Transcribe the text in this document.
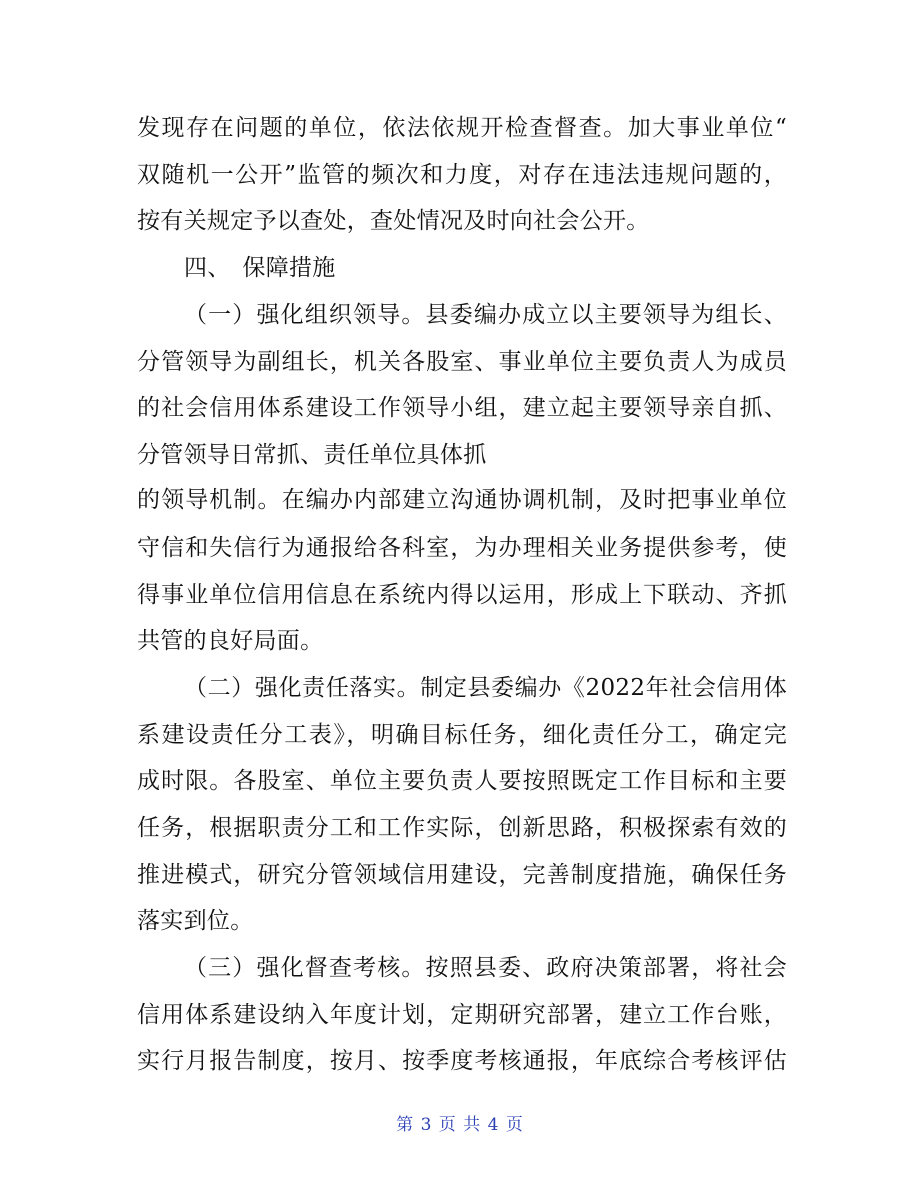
发现存在问题的单位，依法依规开检查督查。加大事业单位“
双随机一公开”监管的频次和力度，对存在违法违规问题的，
按有关规定予以查处，查处情况及时向社会公开。
四、　保障措施
（一）强化组织领导。县委编办成立以主要领导为组长、
分管领导为副组长，机关各股室、事业单位主要负责人为成员
的社会信用体系建设工作领导小组，建立起主要领导亲自抓、
分管领导日常抓、责任单位具体抓
的领导机制。在编办内部建立沟通协调机制，及时把事业单位
守信和失信行为通报给各科室，为办理相关业务提供参考，使
得事业单位信用信息在系统内得以运用，形成上下联动、齐抓
共管的良好局面。
（二）强化责任落实。制定县委编办《2022年社会信用体
系建设责任分工表》，明确目标任务，细化责任分工，确定完
成时限。各股室、单位主要负责人要按照既定工作目标和主要
任务，根据职责分工和工作实际，创新思路，积极探索有效的
推进模式，研究分管领域信用建设，完善制度措施，确保任务
落实到位。
（三）强化督查考核。按照县委、政府决策部署，将社会
信用体系建设纳入年度计划，定期研究部署，建立工作台账，
实行月报告制度，按月、按季度考核通报，年底综合考核评估
第 3 页 共 4 页
